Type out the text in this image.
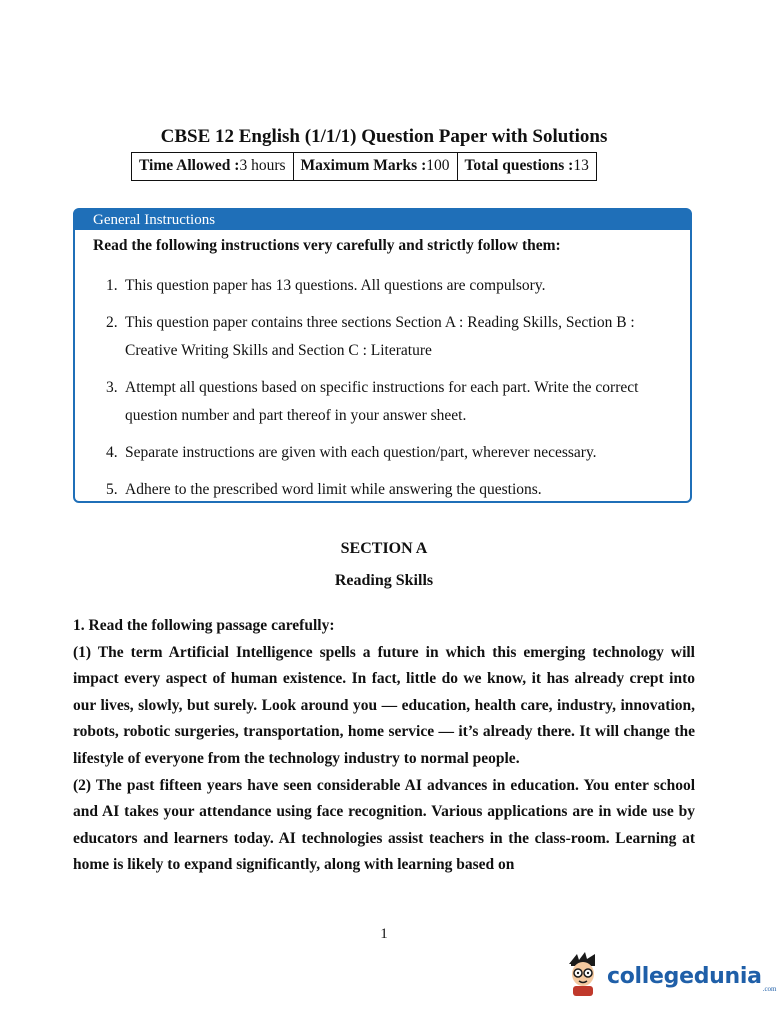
CBSE 12 English (1/1/1) Question Paper with Solutions
Time Allowed :3 hours	Maximum Marks :100	Total questions :13
General Instructions
Read the following instructions very carefully and strictly follow them:
1. This question paper has 13 questions. All questions are compulsory.
2. This question paper contains three sections Section A : Reading Skills, Section B : Creative Writing Skills and Section C : Literature
3. Attempt all questions based on specific instructions for each part. Write the correct question number and part thereof in your answer sheet.
4. Separate instructions are given with each question/part, wherever necessary.
5. Adhere to the prescribed word limit while answering the questions.
SECTION A
Reading Skills

1. Read the following passage carefully:

(1) The term Artificial Intelligence spells a future in which this emerging technology will impact every aspect of human existence. In fact, little do we know, it has already crept into our lives, slowly, but surely. Look around you — education, health care, industry, innovation, robots, robotic surgeries, transportation, home service — it’s already there. It will change the lifestyle of everyone from the technology industry to normal people.

(2) The past fifteen years have seen considerable AI advances in education. You enter school and AI takes your attendance using face recognition. Various applications are in wide use by educators and learners today. AI technologies assist teachers in the class-room. Learning at home is likely to expand significantly, along with learning based on

1
collegedunia .com
